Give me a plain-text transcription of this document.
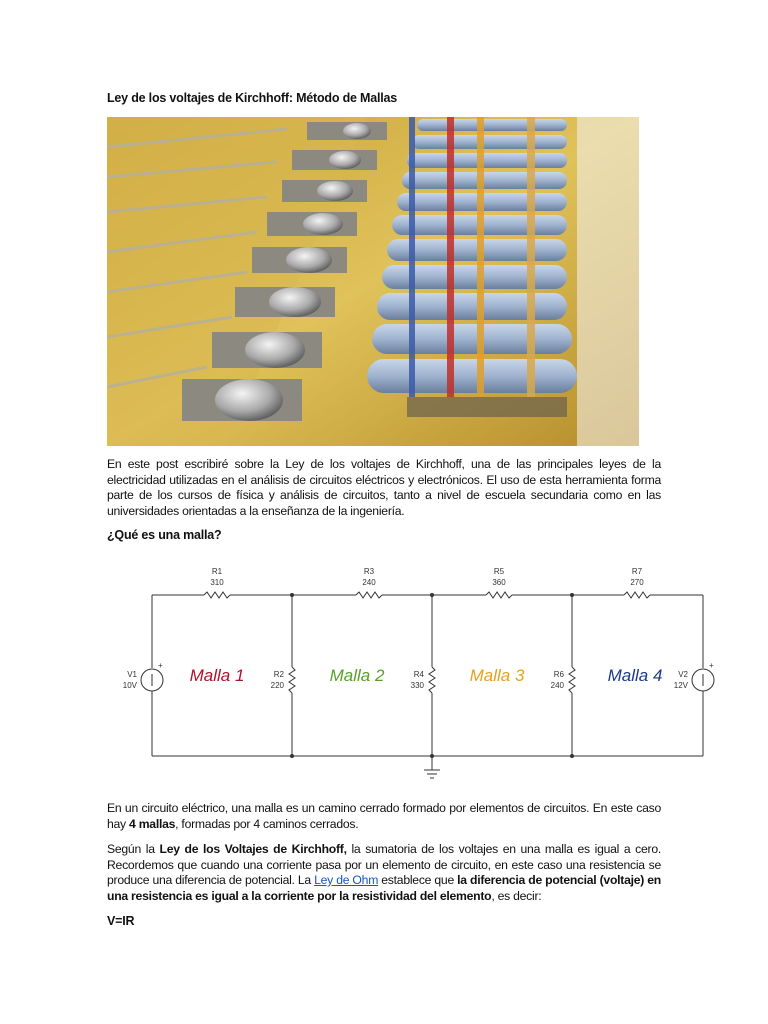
Ley de los voltajes de Kirchhoff: Método de Mallas
En este post escribiré sobre la Ley de los voltajes de Kirchhoff, una de las principales leyes de la electricidad utilizadas en el análisis de circuitos eléctricos y electrónicos. El uso de esta herramienta forma parte de los cursos de física y análisis de circuitos, tanto a nivel de escuela secundaria como en las universidades orientadas a la enseñanza de la ingeniería.
¿Qué es una malla?
+	+
R1
310
R3
240
R5
360
R7
270
R2
220
R4
330
R6
240
V1
10V
V2
12V
Malla 1	Malla 2	Malla 3	Malla 4
En un circuito eléctrico, una malla es un camino cerrado formado por elementos de circuitos. En este caso hay 4 mallas, formadas por 4 caminos cerrados.
Según la Ley de los Voltajes de Kirchhoff, la sumatoria de los voltajes en una malla es igual a cero. Recordemos que cuando una corriente pasa por un elemento de circuito, en este caso una resistencia se produce una diferencia de potencial. La Ley de Ohm establece que la diferencia de potencial (voltaje) en una resistencia es igual a la corriente por la resistividad del elemento, es decir:
V=IR
